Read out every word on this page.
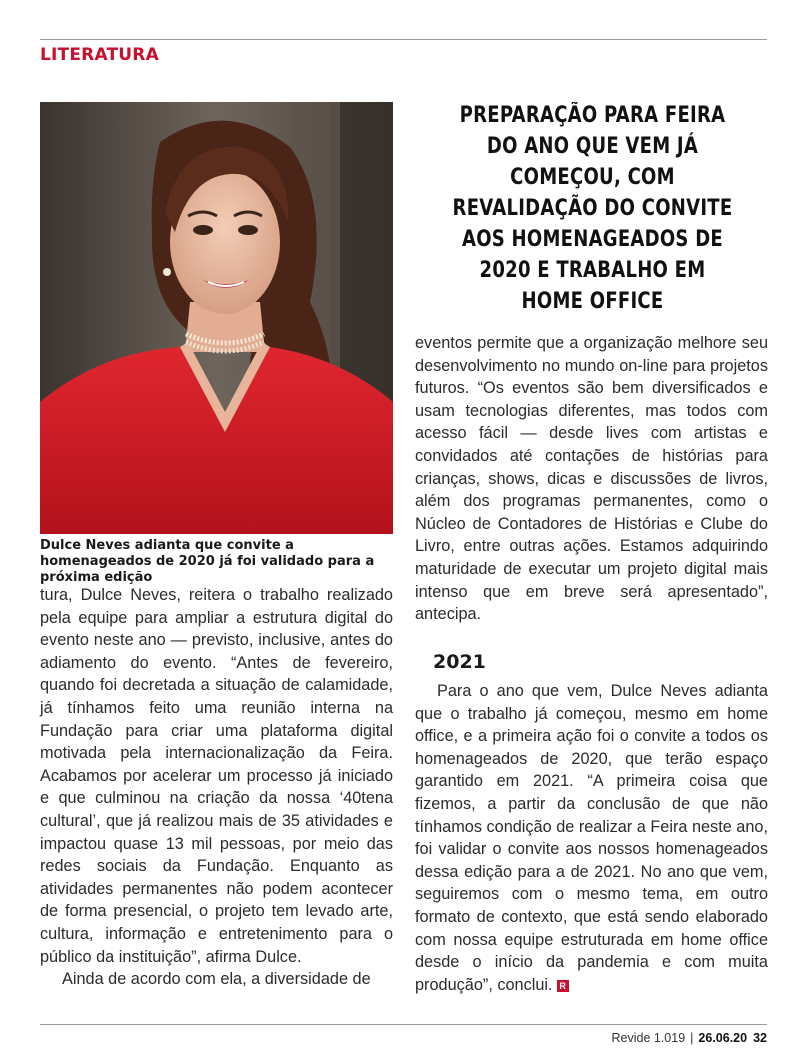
LITERATURA
Dulce Neves adianta que convite a homenageados de 2020 já foi validado para a próxima edição
PREPARAÇÃO PARA FEIRA DO ANO QUE VEM JÁ COMEÇOU, COM REVALIDAÇÃO DO CONVITE AOS HOMENAGEADOS DE 2020 E TRABALHO EM HOME OFFICE

tura, Dulce Neves, reitera o trabalho realizado pela equipe para ampliar a estrutura digital do evento neste ano — previsto, inclusive, antes do adiamento do evento. “Antes de fevereiro, quando foi decretada a situação de calamidade, já tínhamos feito uma reunião interna na Fundação para criar uma plataforma digital motivada pela internacionalização da Feira. Acabamos por acelerar um processo já iniciado e que culminou na criação da nossa ‘40tena cultural’, que já realizou mais de 35 atividades e impactou quase 13 mil pessoas, por meio das redes sociais da Fundação. Enquanto as atividades permanentes não podem acontecer de forma presencial, o projeto tem levado arte, cultura, informação e entretenimento para o público da instituição”, afirma Dulce.

Ainda de acordo com ela, a diversidade de

eventos permite que a organização melhore seu desenvolvimento no mundo on-line para projetos futuros. “Os eventos são bem diversificados e usam tecnologias diferentes, mas todos com acesso fácil — desde lives com artistas e convidados até contações de histórias para crianças, shows, dicas e discussões de livros, além dos programas permanentes, como o Núcleo de Contadores de Histórias e Clube do Livro, entre outras ações. Estamos adquirindo maturidade de executar um projeto digital mais intenso que em breve será apresentado”, antecipa.

2021

Para o ano que vem, Dulce Neves adianta que o trabalho já começou, mesmo em home office, e a primeira ação foi o convite a todos os homenageados de 2020, que terão espaço garantido em 2021. “A primeira coisa que fizemos, a partir da conclusão de que não tínhamos condição de realizar a Feira neste ano, foi validar o convite aos nossos homenageados dessa edição para a de 2021. No ano que vem, seguiremos com o mesmo tema, em outro formato de contexto, que está sendo elaborado com nossa equipe estruturada em home office desde o início da pandemia e com muita produção”, conclui. R

Revide 1.019 | 26.06.20 32
